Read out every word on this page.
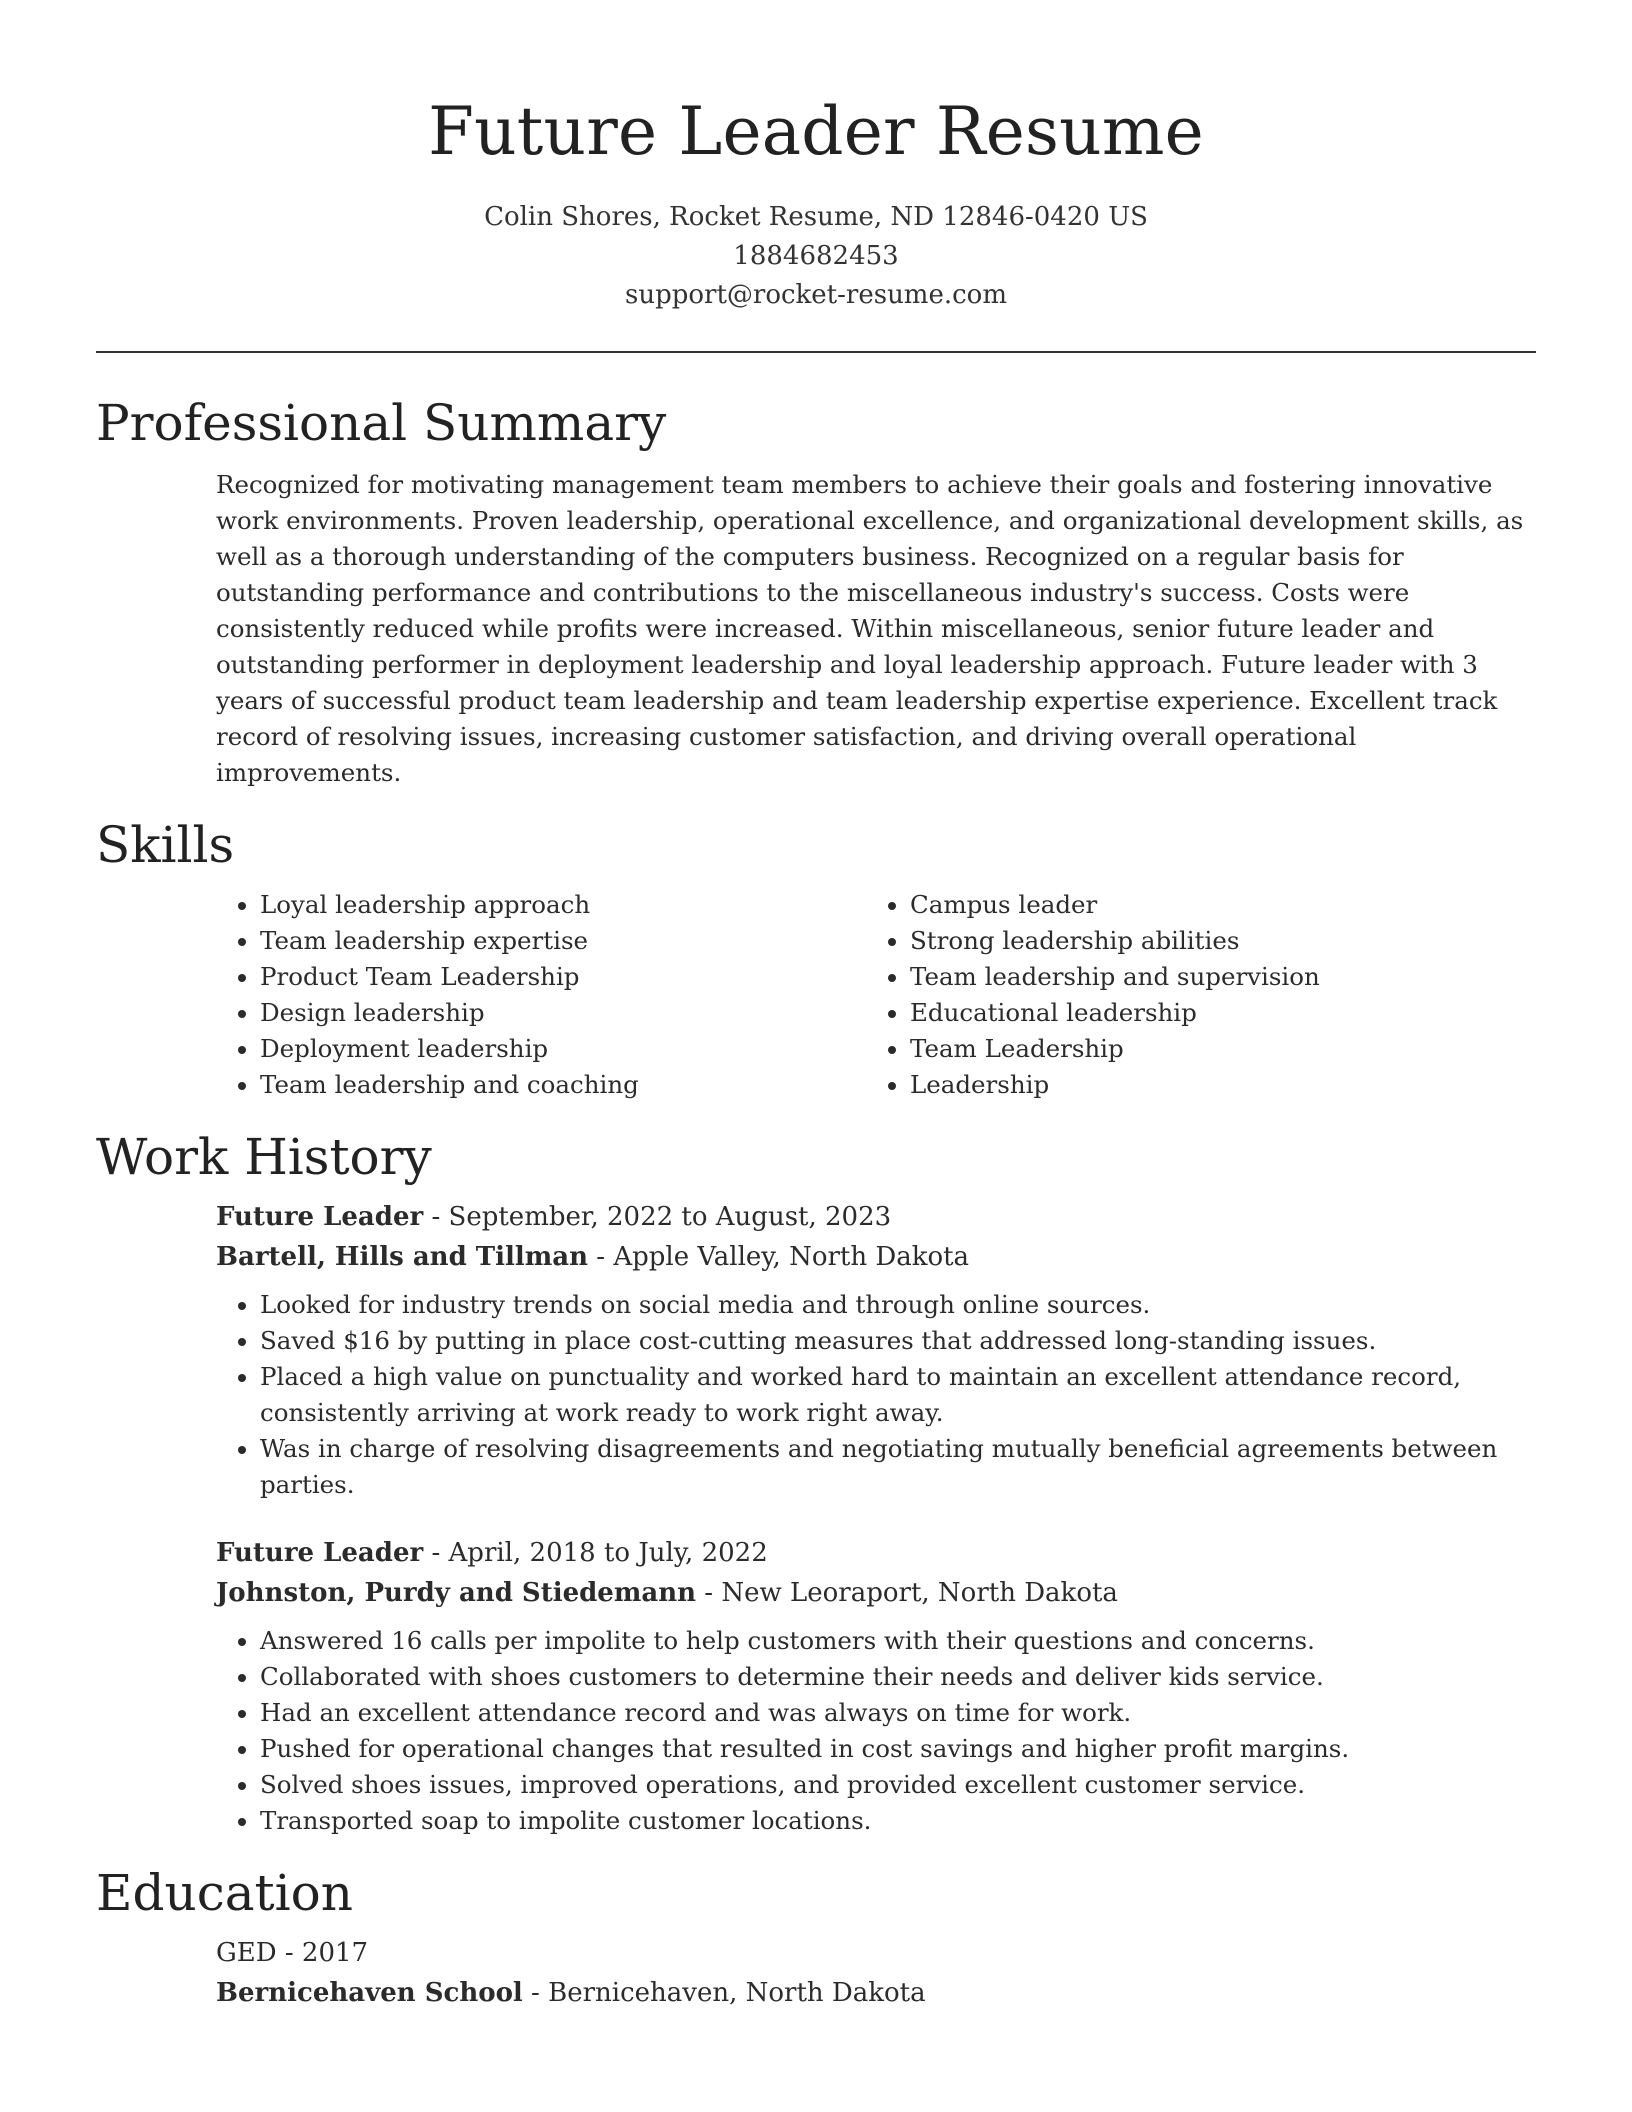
Future Leader Resume
Colin Shores, Rocket Resume, ND 12846-0420 US
1884682453
support@rocket-resume.com
Professional Summary

Recognized for motivating management team members to achieve their goals and fostering innovative work environments. Proven leadership, operational excellence, and organizational development skills, as well as a thorough understanding of the computers business. Recognized on a regular basis for outstanding performance and contributions to the miscellaneous industry's success. Costs were consistently reduced while profits were increased. Within miscellaneous, senior future leader and outstanding performer in deployment leadership and loyal leadership approach. Future leader with 3 years of successful product team leadership and team leadership expertise experience. Excellent track record of resolving issues, increasing customer satisfaction, and driving overall operational improvements.

Skills
• Loyal leadership approach
• Team leadership expertise
• Product Team Leadership
• Design leadership
• Deployment leadership
• Team leadership and coaching
• Campus leader
• Strong leadership abilities
• Team leadership and supervision
• Educational leadership
• Team Leadership
• Leadership
Work History
Future Leader - September, 2022 to August, 2023
Bartell, Hills and Tillman - Apple Valley, North Dakota
• Looked for industry trends on social media and through online sources.
• Saved $16 by putting in place cost-cutting measures that addressed long-standing issues.
• Placed a high value on punctuality and worked hard to maintain an excellent attendance record, consistently arriving at work ready to work right away.
• Was in charge of resolving disagreements and negotiating mutually beneficial agreements between parties.
Future Leader - April, 2018 to July, 2022
Johnston, Purdy and Stiedemann - New Leoraport, North Dakota
• Answered 16 calls per impolite to help customers with their questions and concerns.
• Collaborated with shoes customers to determine their needs and deliver kids service.
• Had an excellent attendance record and was always on time for work.
• Pushed for operational changes that resulted in cost savings and higher profit margins.
• Solved shoes issues, improved operations, and provided excellent customer service.
• Transported soap to impolite customer locations.
Education
GED - 2017
Bernicehaven School - Bernicehaven, North Dakota
